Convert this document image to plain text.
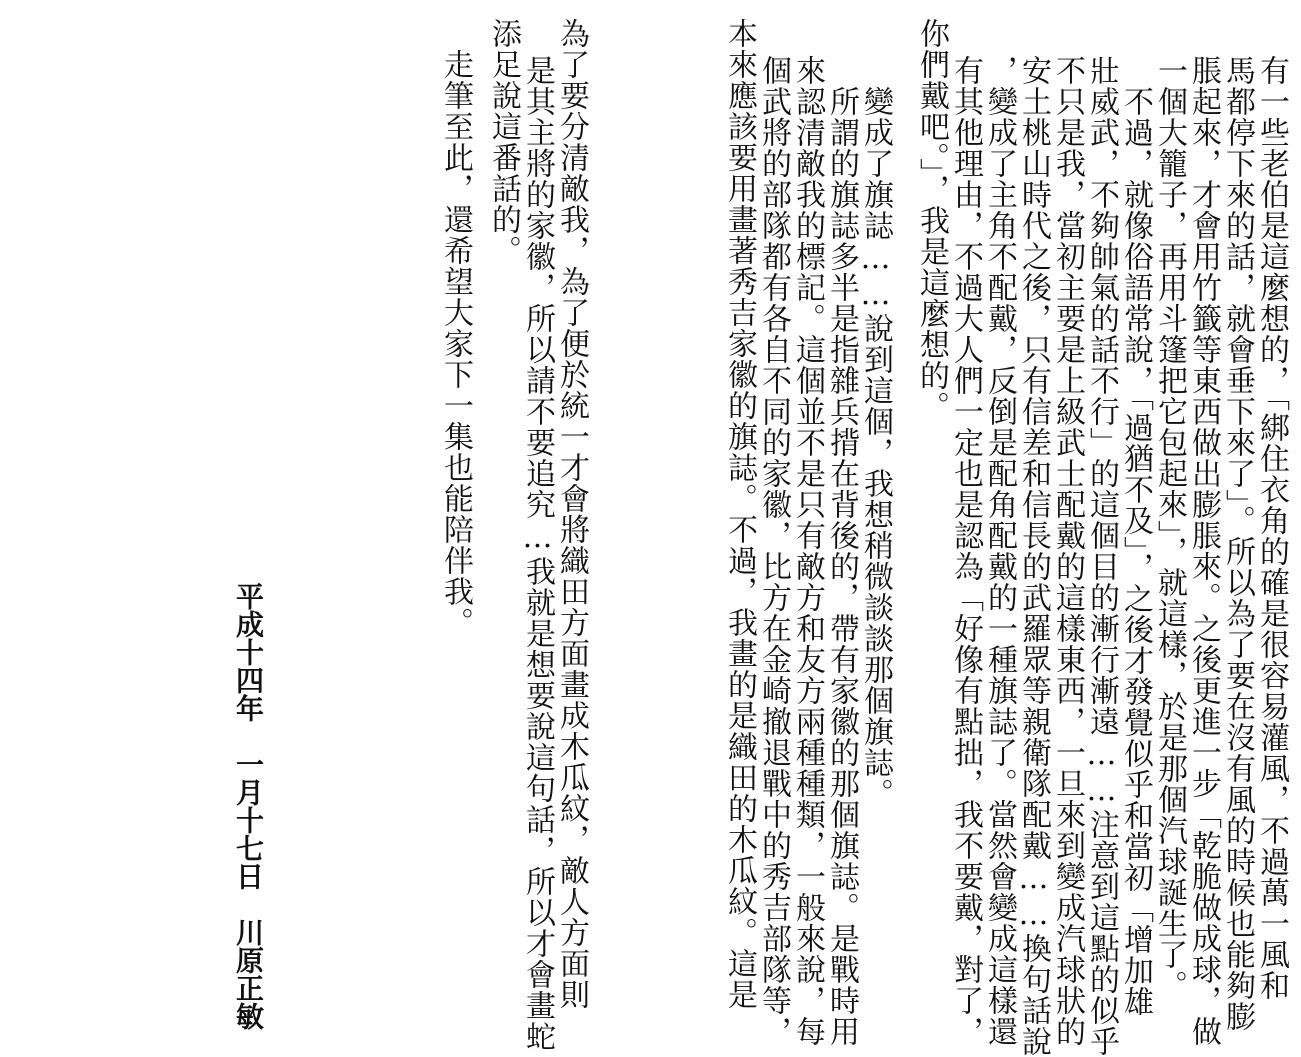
有一些老伯是這麼想的，「綁住衣角的確是很容易灌風，不過萬一風和
馬都停下來的話，就會垂下來了」。所以為了要在沒有風的時候也能夠膨
脹起來，才會用竹籤等東西做出膨脹來。之後更進一步「乾脆做成球，做
一個大籠子，再用斗篷把它包起來」，就這樣，於是那個汽球誕生了。
　不過，就像俗語常說，「過猶不及」，之後才發覺似乎和當初「增加雄
壯威武，不夠帥氣的話不行」的這個目的漸行漸遠……注意到這點的似乎
不只是我，當初主要是上級武士配戴的這樣東西，一旦來到變成汽球狀的
安土桃山時代之後，只有信差和信長的武羅眾等親衛隊配戴……換句話說
，變成了主角不配戴，反倒是配角配戴的一種旗誌了。當然會變成這樣還
有其他理由，不過大人們一定也是認為「好像有點拙，我不要戴，對了，
你們戴吧。」，我是這麼想的。
　變成了旗誌……說到這個，我想稍微談談那個旗誌。
　所謂的旗誌多半是指雜兵揹在背後的，帶有家徽的那個旗誌。是戰時用
來認清敵我的標記。這個並不是只有敵方和友方兩種種類，一般來說，每
個武將的部隊都有各自不同的家徽，比方在金崎撤退戰中的秀吉部隊等，
本來應該要用畫著秀吉家徽的旗誌。不過，我畫的是織田的木瓜紋。這是
為了要分清敵我，為了便於統一才會將織田方面畫成木瓜紋，敵人方面則
是其主將的家徽，所以請不要追究…我就是想要說這句話，所以才會畫蛇
添足說這番話的。
　走筆至此，還希望大家下一集也能陪伴我。
平成十四年　一月十七日　川原正敏
